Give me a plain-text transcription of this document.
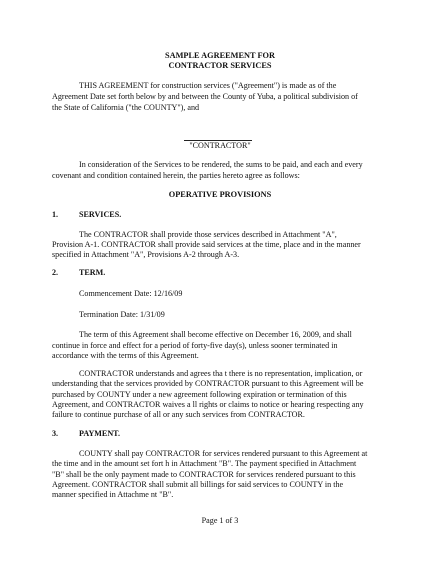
SAMPLE AGREEMENT FOR

CONTRACTOR SERVICES

THIS AGREEMENT for construction services ("Agreement") is made as of the

Agreement Date set forth below by and between the County of Yuba, a political subdivision of

the State of California ("the COUNTY"), and

"CONTRACTOR"

In consideration of the Services to be rendered, the sums to be paid, and each and every

covenant and condition contained herein, the parties hereto agree as follows:

OPERATIVE PROVISIONS

1.	SERVICES.

The CONTRACTOR shall provide those services described in Attachment "A",

Provision A-1. CONTRACTOR shall provide said services at the time, place and in the manner

specified in Attachment "A", Provisions A-2 through A-3.

2.	TERM.

Commencement Date: 12/16/09

Termination Date: 1/31/09

The term of this Agreement shall become effective on December 16, 2009, and shall

continue in force and effect for a period of forty-five day(s), unless sooner terminated in

accordance with the terms of this Agreement.

CONTRACTOR understands and agrees tha t there is no representation, implication, or

understanding that the services provided by CONTRACTOR pursuant to this Agreement will be

purchased by COUNTY under a new agreement following expiration or termination of this

Agreement, and CONTRACTOR waives a ll rights or claims to notice or hearing respecting any

failure to continue purchase of all or any such services from CONTRACTOR.

3.	PAYMENT.

COUNTY shall pay CONTRACTOR for services rendered pursuant to this Agreement at

the time and in the amount set fort h in Attachment "B". The payment specified in Attachment

"B" shall be the only payment made to CONTRACTOR for services rendered pursuant to this

Agreement. CONTRACTOR shall submit all billings for said services to COUNTY in the

manner specified in Attachme nt "B".

Page 1 of 3
